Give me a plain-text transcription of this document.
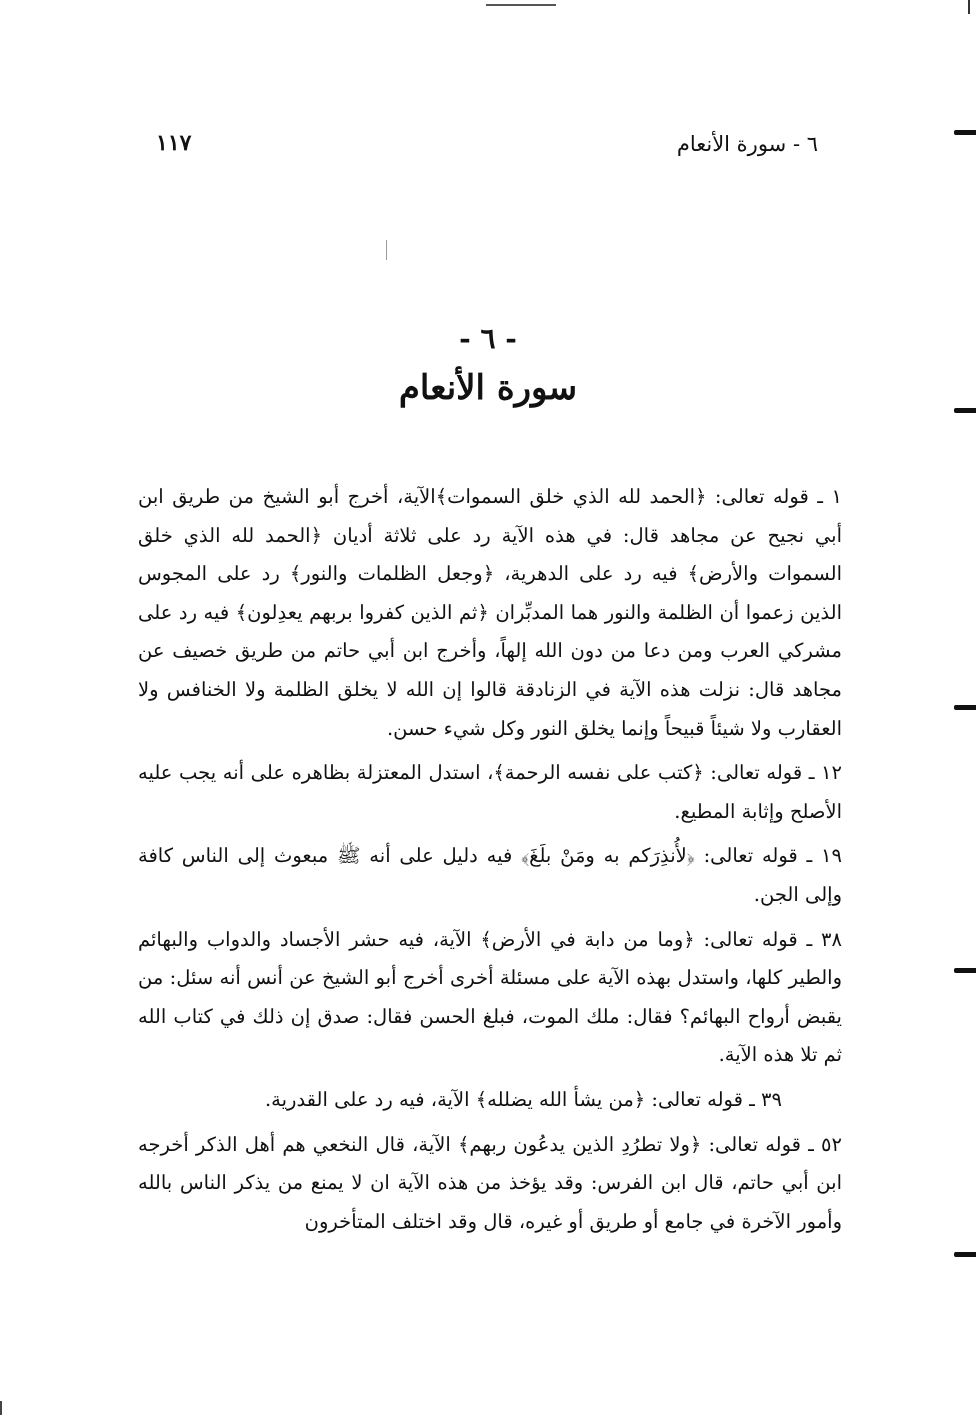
٦ - سورة الأنعام
١١٧
- ٦ -
سورة الأنعام

١ ـ قوله تعالى: ﴿الحمد لله الذي خلق السموات﴾الآية، أخرج أبو الشيخ من طريق ابن أبي نجيح عن مجاهد قال: في هذه الآية رد على ثلاثة أديان ﴿الحمد لله الذي خلق السموات والأرض﴾ فيه رد على الدهرية، ﴿وجعل الظلمات والنور﴾ رد على المجوس الذين زعموا أن الظلمة والنور هما المدبِّران ﴿ثم الذين كفروا بربهم يعدِلون﴾ فيه رد على مشركي العرب ومن دعا من دون الله إلهاً، وأخرج ابن أبي حاتم من طريق خصيف عن مجاهد قال: نزلت هذه الآية في الزنادقة قالوا إن الله لا يخلق الظلمة ولا الخنافس ولا العقارب ولا شيئاً قبيحاً وإنما يخلق النور وكل شيء حسن.

١٢ ـ قوله تعالى: ﴿كتب على نفسه الرحمة﴾، استدل المعتزلة بظاهره على أنه يجب عليه الأصلح وإثابة المطيع.

١٩ ـ قوله تعالى: ﴿لأُنذِرَكم به ومَنْ بلَغَ﴾ فيه دليل على أنه ﷺ مبعوث إلى الناس كافة وإلى الجن.

٣٨ ـ قوله تعالى: ﴿وما من دابة في الأرض﴾ الآية، فيه حشر الأجساد والدواب والبهائم والطير كلها، واستدل بهذه الآية على مسئلة أخرى أخرج أبو الشيخ عن أنس أنه سئل: من يقبض أرواح البهائم؟ فقال: ملك الموت، فبلغ الحسن فقال: صدق إن ذلك في كتاب الله ثم تلا هذه الآية.

٣٩ ـ قوله تعالى: ﴿من يشأ الله يضلله﴾ الآية، فيه رد على القدرية.

٥٢ ـ قوله تعالى: ﴿ولا تطرُدِ الذين يدعُون ربهم﴾ الآية، قال النخعي هم أهل الذكر أخرجه ابن أبي حاتم، قال ابن الفرس: وقد يؤخذ من هذه الآية ان لا يمنع من يذكر الناس بالله وأمور الآخرة في جامع أو طريق أو غيره، قال وقد اختلف المتأخرون
